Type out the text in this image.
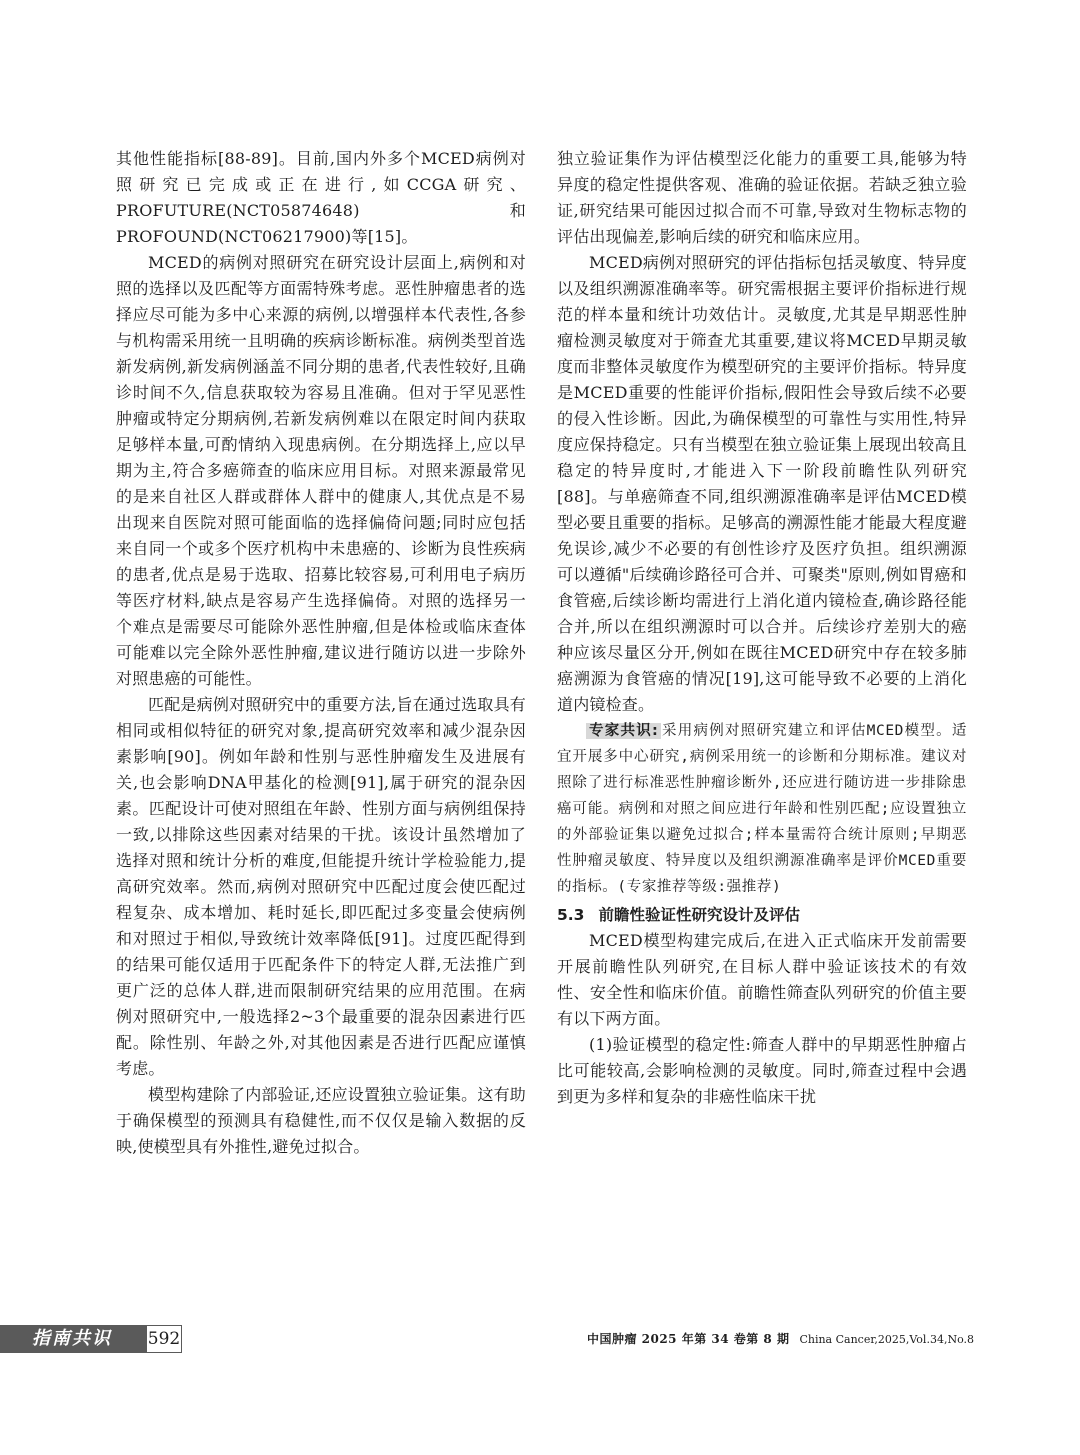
其他性能指标[88-89]。目前,国内外多个MCED病例对照研究已完成或正在进行,如CCGA研究、PROFUTURE(NCT05874648)和PROFOUND(NCT06217900)等[15]。

MCED的病例对照研究在研究设计层面上,病例和对照的选择以及匹配等方面需特殊考虑。恶性肿瘤患者的选择应尽可能为多中心来源的病例,以增强样本代表性,各参与机构需采用统一且明确的疾病诊断标准。病例类型首选新发病例,新发病例涵盖不同分期的患者,代表性较好,且确诊时间不久,信息获取较为容易且准确。但对于罕见恶性肿瘤或特定分期病例,若新发病例难以在限定时间内获取足够样本量,可酌情纳入现患病例。在分期选择上,应以早期为主,符合多癌筛查的临床应用目标。对照来源最常见的是来自社区人群或群体人群中的健康人,其优点是不易出现来自医院对照可能面临的选择偏倚问题;同时应包括来自同一个或多个医疗机构中未患癌的、诊断为良性疾病的患者,优点是易于选取、招募比较容易,可利用电子病历等医疗材料,缺点是容易产生选择偏倚。对照的选择另一个难点是需要尽可能除外恶性肿瘤,但是体检或临床查体可能难以完全除外恶性肿瘤,建议进行随访以进一步除外对照患癌的可能性。

匹配是病例对照研究中的重要方法,旨在通过选取具有相同或相似特征的研究对象,提高研究效率和减少混杂因素影响[90]。例如年龄和性别与恶性肿瘤发生及进展有关,也会影响DNA甲基化的检测[91],属于研究的混杂因素。匹配设计可使对照组在年龄、性别方面与病例组保持一致,以排除这些因素对结果的干扰。该设计虽然增加了选择对照和统计分析的难度,但能提升统计学检验能力,提高研究效率。然而,病例对照研究中匹配过度会使匹配过程复杂、成本增加、耗时延长,即匹配过多变量会使病例和对照过于相似,导致统计效率降低[91]。过度匹配得到的结果可能仅适用于匹配条件下的特定人群,无法推广到更广泛的总体人群,进而限制研究结果的应用范围。在病例对照研究中,一般选择2~3个最重要的混杂因素进行匹配。除性别、年龄之外,对其他因素是否进行匹配应谨慎考虑。

模型构建除了内部验证,还应设置独立验证集。这有助于确保模型的预测具有稳健性,而不仅仅是输入数据的反映,使模型具有外推性,避免过拟合。

独立验证集作为评估模型泛化能力的重要工具,能够为特异度的稳定性提供客观、准确的验证依据。若缺乏独立验证,研究结果可能因过拟合而不可靠,导致对生物标志物的评估出现偏差,影响后续的研究和临床应用。

MCED病例对照研究的评估指标包括灵敏度、特异度以及组织溯源准确率等。研究需根据主要评价指标进行规范的样本量和统计功效估计。灵敏度,尤其是早期恶性肿瘤检测灵敏度对于筛查尤其重要,建议将MCED早期灵敏度而非整体灵敏度作为模型研究的主要评价指标。特异度是MCED重要的性能评价指标,假阳性会导致后续不必要的侵入性诊断。因此,为确保模型的可靠性与实用性,特异度应保持稳定。只有当模型在独立验证集上展现出较高且稳定的特异度时,才能进入下一阶段前瞻性队列研究[88]。与单癌筛查不同,组织溯源准确率是评估MCED模型必要且重要的指标。足够高的溯源性能才能最大程度避免误诊,减少不必要的有创性诊疗及医疗负担。组织溯源可以遵循"后续确诊路径可合并、可聚类"原则,例如胃癌和食管癌,后续诊断均需进行上消化道内镜检查,确诊路径能合并,所以在组织溯源时可以合并。后续诊疗差别大的癌种应该尽量区分开,例如在既往MCED研究中存在较多肺癌溯源为食管癌的情况[19],这可能导致不必要的上消化道内镜检查。

专家共识: 采用病例对照研究建立和评估MCED模型。适宜开展多中心研究,病例采用统一的诊断和分期标准。建议对照除了进行标准恶性肿瘤诊断外,还应进行随访进一步排除患癌可能。病例和对照之间应进行年龄和性别匹配;应设置独立的外部验证集以避免过拟合;样本量需符合统计原则;早期恶性肿瘤灵敏度、特异度以及组织溯源准确率是评价MCED重要的指标。(专家推荐等级:强推荐)

5.3 前瞻性验证性研究设计及评估

MCED模型构建完成后,在进入正式临床开发前需要开展前瞻性队列研究,在目标人群中验证该技术的有效性、安全性和临床价值。前瞻性筛查队列研究的价值主要有以下两方面。

(1)验证模型的稳定性:筛查人群中的早期恶性肿瘤占比可能较高,会影响检测的灵敏度。同时,筛查过程中会遇到更为多样和复杂的非癌性临床干扰

指南共识	592	中国肿瘤 2025 年第 34 卷第 8 期 China Cancer,2025,Vol.34,No.8
